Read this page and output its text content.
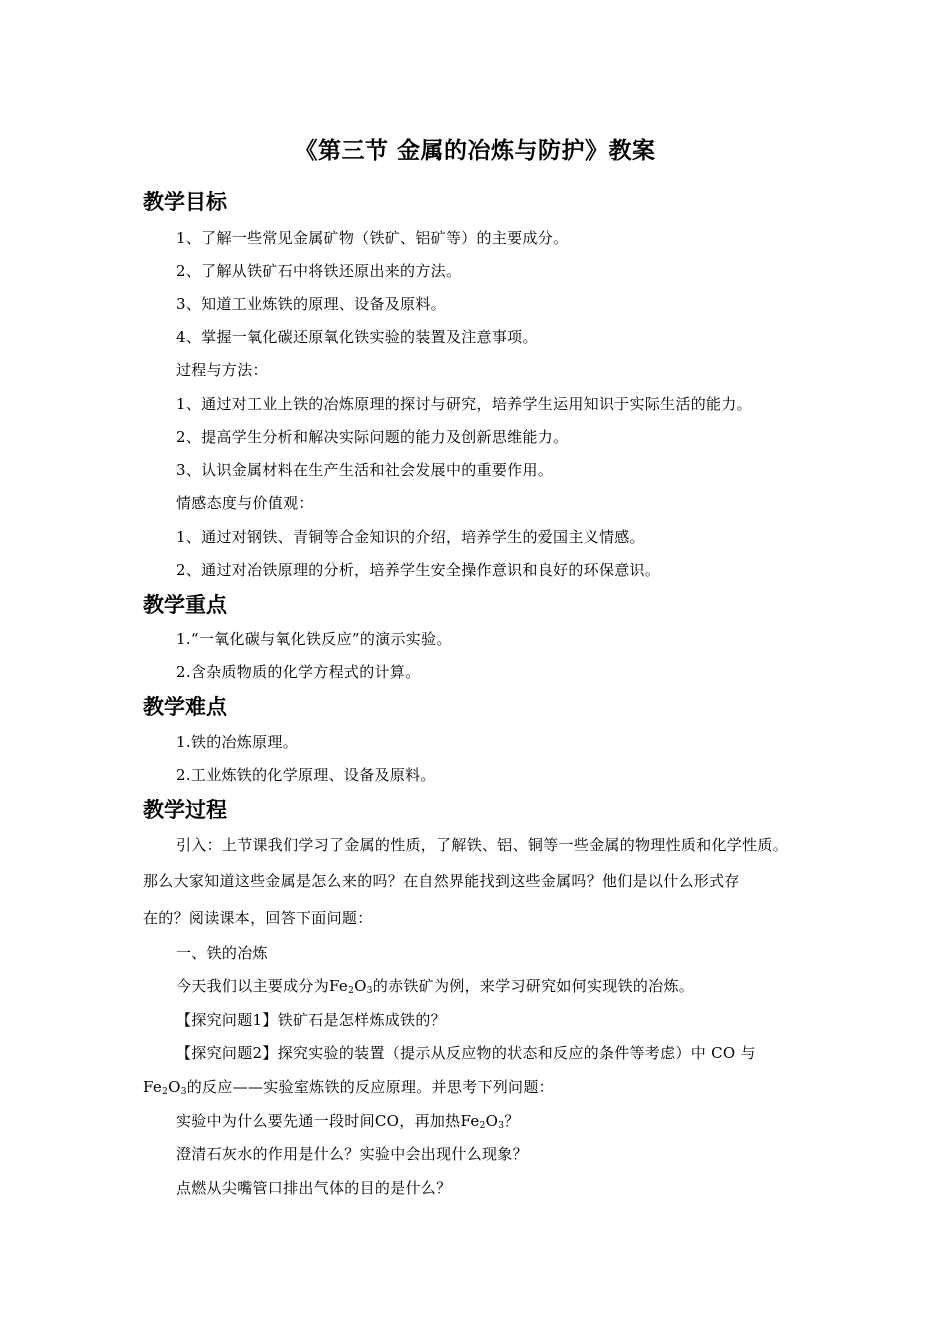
《第三节 金属的冶炼与防护》教案
教学目标
1、了解一些常见金属矿物（铁矿、铝矿等）的主要成分。
2、了解从铁矿石中将铁还原出来的方法。
3、知道工业炼铁的原理、设备及原料。
4、掌握一氧化碳还原氧化铁实验的装置及注意事项。
过程与方法：
1、通过对工业上铁的冶炼原理的探讨与研究，培养学生运用知识于实际生活的能力。
2、提高学生分析和解决实际问题的能力及创新思维能力。
3、认识金属材料在生产生活和社会发展中的重要作用。
情感态度与价值观：
1、通过对钢铁、青铜等合金知识的介绍，培养学生的爱国主义情感。
2、通过对冶铁原理的分析，培养学生安全操作意识和良好的环保意识。
教学重点
1.“一氧化碳与氧化铁反应”的演示实验。
2.含杂质物质的化学方程式的计算。
教学难点
1.铁的冶炼原理。
2.工业炼铁的化学原理、设备及原料。
教学过程
引入：上节课我们学习了金属的性质，了解铁、铝、铜等一些金属的物理性质和化学性质。
那么大家知道这些金属是怎么来的吗？在自然界能找到这些金属吗？他们是以什么形式存
在的？阅读课本，回答下面问题：
一、铁的冶炼
今天我们以主要成分为$Fe_2O_3$的赤铁矿为例，来学习研究如何实现铁的冶炼。
【探究问题1】铁矿石是怎样炼成铁的？
【探究问题2】探究实验的装置（提示从反应物的状态和反应的条件等考虑）中 CO 与
$Fe_2O_3$的反应——实验室炼铁的反应原理。并思考下列问题：
实验中为什么要先通一段时间CO，再加热$Fe_2O_3$？
澄清石灰水的作用是什么？实验中会出现什么现象？
点燃从尖嘴管口排出气体的目的是什么？
